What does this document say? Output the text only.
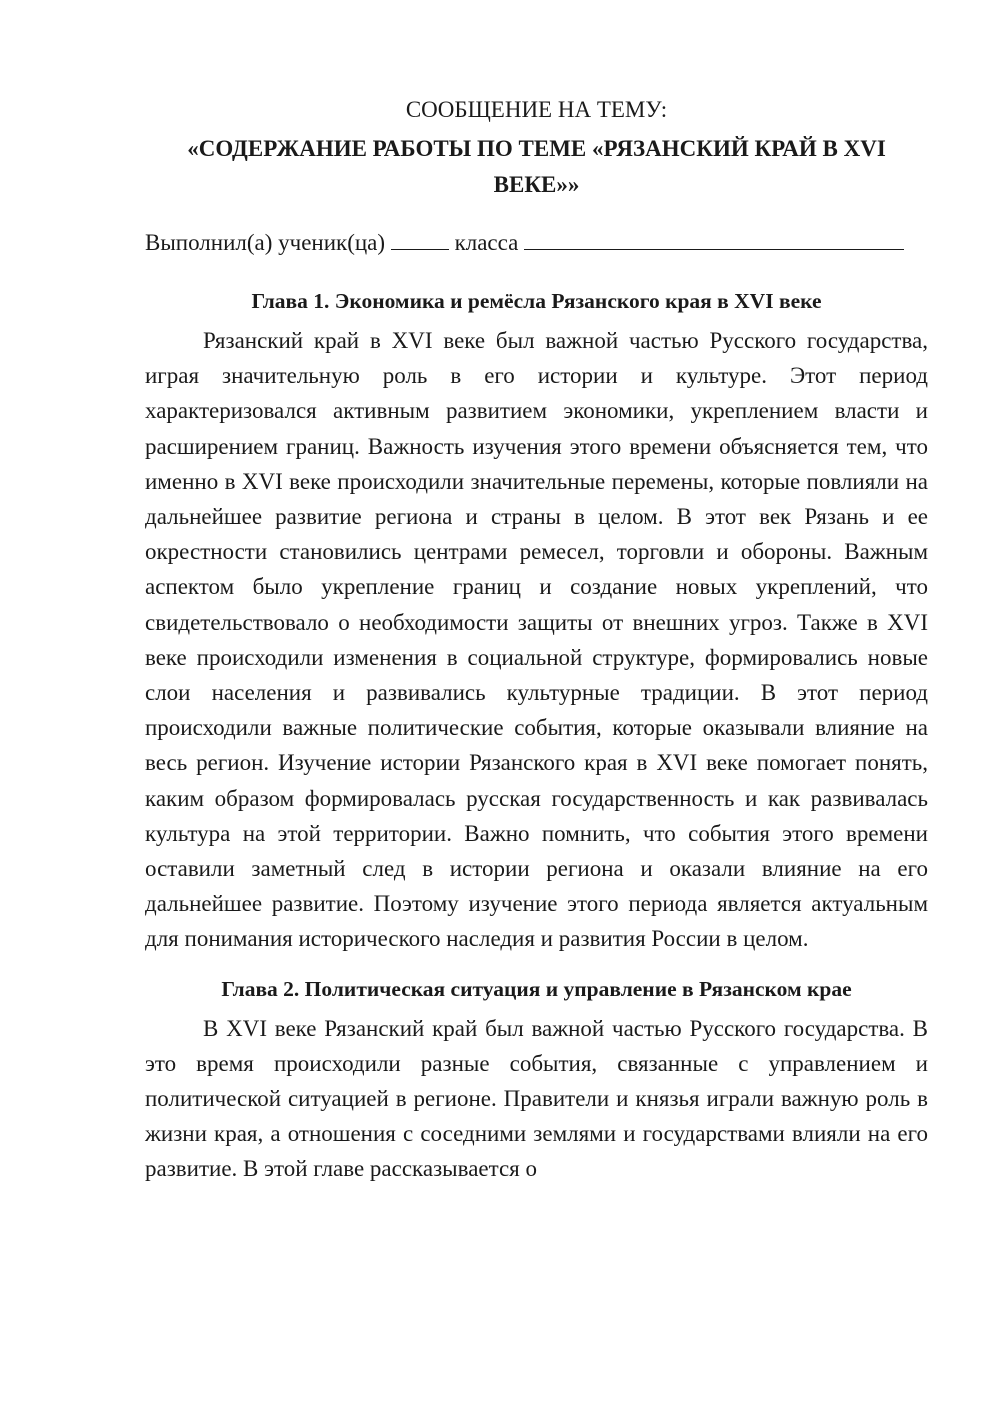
СООБЩЕНИЕ НА ТЕМУ:

«СОДЕРЖАНИЕ РАБОТЫ ПО ТЕМЕ «РЯЗАНСКИЙ КРАЙ В XVI ВЕКЕ»»

Выполнил(а) ученик(ца)	класса

Глава 1. Экономика и ремёсла Рязанского края в XVI веке

Рязанский край в XVI веке был важной частью Русского государства, играя значительную роль в его истории и культуре. Этот период характеризовался активным развитием экономики, укреплением власти и расширением границ. Важность изучения этого времени объясняется тем, что именно в XVI веке происходили значительные перемены, которые повлияли на дальнейшее развитие региона и страны в целом. В этот век Рязань и ее окрестности становились центрами ремесел, торговли и обороны. Важным аспектом было укрепление границ и создание новых укреплений, что свидетельствовало о необходимости защиты от внешних угроз. Также в XVI веке происходили изменения в социальной структуре, формировались новые слои населения и развивались культурные традиции. В этот период происходили важные политические события, которые оказывали влияние на весь регион. Изучение истории Рязанского края в XVI веке помогает понять, каким образом формировалась русская государственность и как развивалась культура на этой территории. Важно помнить, что события этого времени оставили заметный след в истории региона и оказали влияние на его дальнейшее развитие. Поэтому изучение этого периода является актуальным для понимания исторического наследия и развития России в целом.

Глава 2. Политическая ситуация и управление в Рязанском крае

В XVI веке Рязанский край был важной частью Русского государства. В это время происходили разные события, связанные с управлением и политической ситуацией в регионе. Правители и князья играли важную роль в жизни края, а отношения с соседними землями и государствами влияли на его развитие. В этой главе рассказывается о
